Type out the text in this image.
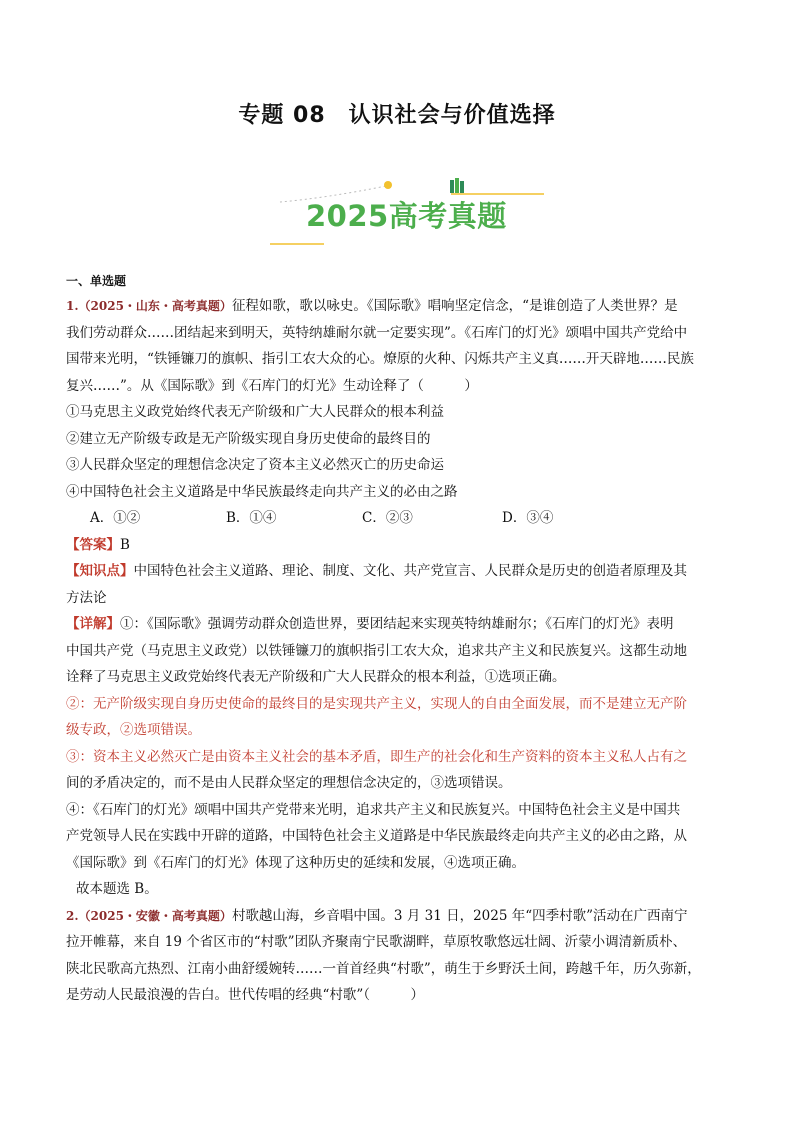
专题 08　认识社会与价值选择
2025高考真题
一、单选题

1.（2025・山东・高考真题）征程如歌，歌以咏史。《国际歌》唱响坚定信念，“是谁创造了人类世界？是
我们劳动群众……团结起来到明天，英特纳雄耐尔就一定要实现”。《石库门的灯光》颂唱中国共产党给中
国带来光明，“铁锤镰刀的旗帜、指引工农大众的心。燎原的火种、闪烁共产主义真……开天辟地……民族
复兴……”。从《国际歌》到《石库门的灯光》生动诠释了（　　　）

①马克思主义政党始终代表无产阶级和广大人民群众的根本利益
②建立无产阶级专政是无产阶级实现自身历史使命的最终目的
③人民群众坚定的理想信念决定了资本主义必然灭亡的历史命运
④中国特色社会主义道路是中华民族最终走向共产主义的必由之路
A．①②	B．①④	C．②③	D．③④

【答案】B

【知识点】中国特色社会主义道路、理论、制度、文化、共产党宣言、人民群众是历史的创造者原理及其
方法论

【详解】①：《国际歌》强调劳动群众创造世界，要团结起来实现英特纳雄耐尔；《石库门的灯光》表明
中国共产党（马克思主义政党）以铁锤镰刀的旗帜指引工农大众，追求共产主义和民族复兴。这都生动地
诠释了马克思主义政党始终代表无产阶级和广大人民群众的根本利益，①选项正确。

②：无产阶级实现自身历史使命的最终目的是实现共产主义，实现人的自由全面发展，而不是建立无产阶
级专政，②选项错误。

③：资本主义必然灭亡是由资本主义社会的基本矛盾，即生产的社会化和生产资料的资本主义私人占有之
间的矛盾决定的，而不是由人民群众坚定的理想信念决定的，③选项错误。

④：《石库门的灯光》颂唱中国共产党带来光明，追求共产主义和民族复兴。中国特色社会主义是中国共
产党领导人民在实践中开辟的道路，中国特色社会主义道路是中华民族最终走向共产主义的必由之路，从
《国际歌》到《石库门的灯光》体现了这种历史的延续和发展，④选项正确。

故本题选 B。

2.（2025・安徽・高考真题）村歌越山海，乡音唱中国。3 月 31 日，2025 年“四季村歌”活动在广西南宁
拉开帷幕，来自 19 个省区市的“村歌”团队齐聚南宁民歌湖畔，草原牧歌悠远壮阔、沂蒙小调清新质朴、
陕北民歌高亢热烈、江南小曲舒缓婉转……一首首经典“村歌”，萌生于乡野沃土间，跨越千年，历久弥新，
是劳动人民最浪漫的告白。世代传唱的经典“村歌”（　　　）
